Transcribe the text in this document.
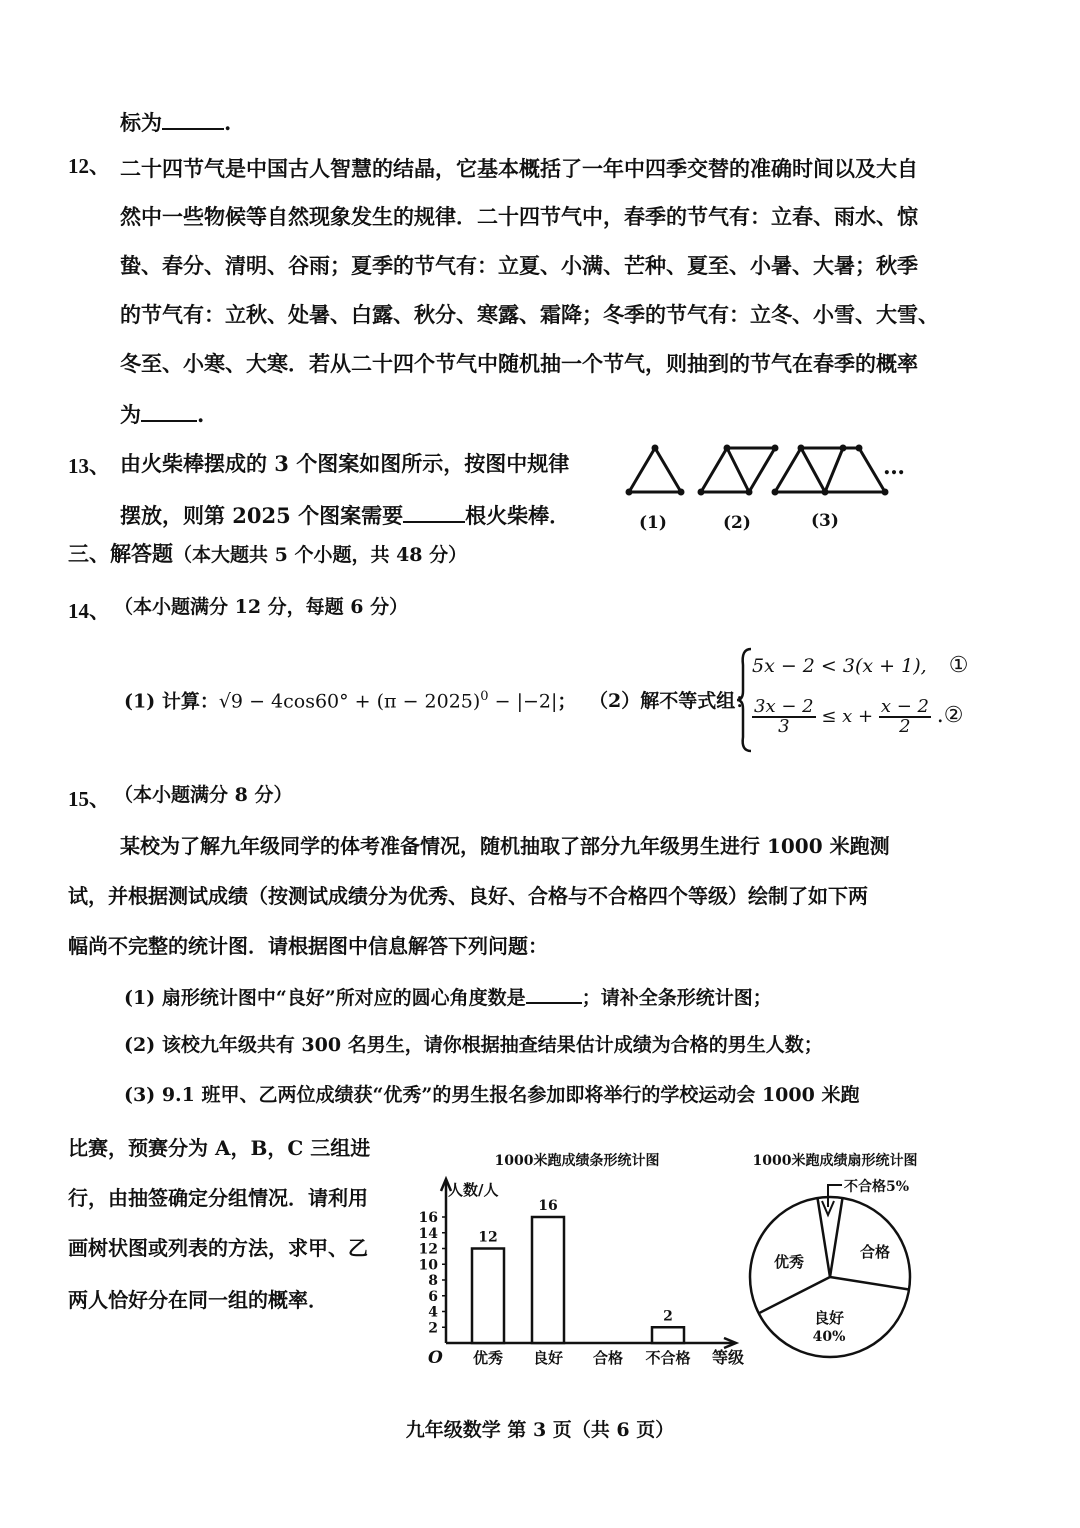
标为	.
12、 二十四节气是中国古人智慧的结晶，它基本概括了一年中四季交替的准确时间以及大自
然中一些物候等自然现象发生的规律．二十四节气中，春季的节气有：立春、雨水、惊
蛰、春分、清明、谷雨；夏季的节气有：立夏、小满、芒种、夏至、小暑、大暑；秋季
的节气有：立秋、处暑、白露、秋分、寒露、霜降；冬季的节气有：立冬、小雪、大雪、
冬至、小寒、大寒．若从二十四个节气中随机抽一个节气，则抽到的节气在春季的概率
为	.
13、 由火柴棒摆成的 3 个图案如图所示，按图中规律
摆放，则第 2025 个图案需要	根火柴棒．
…
(1)	(2)	(3)
三、解答题（本大题共 5 个小题，共 48 分）
14、 （本小题满分 12 分，每题 6 分）
(1) 计算：$√9 - 4\cos 60^\circ + (\pi - 2025)^0 - |-2|$； （2）解不等式组：
5x − 2 < 3(x + 1), ①
$\frac{3x - 2}{3} \le x + \frac{x - 2}{2}$ .②
15、 （本小题满分 8 分）
某校为了解九年级同学的体考准备情况，随机抽取了部分九年级男生进行 1000 米跑测
试，并根据测试成绩（按测试成绩分为优秀、良好、合格与不合格四个等级）绘制了如下两
幅尚不完整的统计图．请根据图中信息解答下列问题：
(1) 扇形统计图中“良好”所对应的圆心角度数是	；请补全条形统计图；
(2) 该校九年级共有 300 名男生，请你根据抽查结果估计成绩为合格的男生人数；
(3) 9.1 班甲、乙两位成绩获“优秀”的男生报名参加即将举行的学校运动会 1000 米跑
比赛，预赛分为 A，B，C 三组进
行，由抽签确定分组情况．请利用
画树状图或列表的方法，求甲、乙
两人恰好分在同一组的概率．
1000米跑成绩条形统计图
人数/人
等级
O
2
4
6
8
10
12
14
16
优秀
12
良好
16
合格 不合格
2
1000米跑成绩扇形统计图
不合格5%
合格
良好
40%
优秀
九年级数学 第 3 页（共 6 页）
